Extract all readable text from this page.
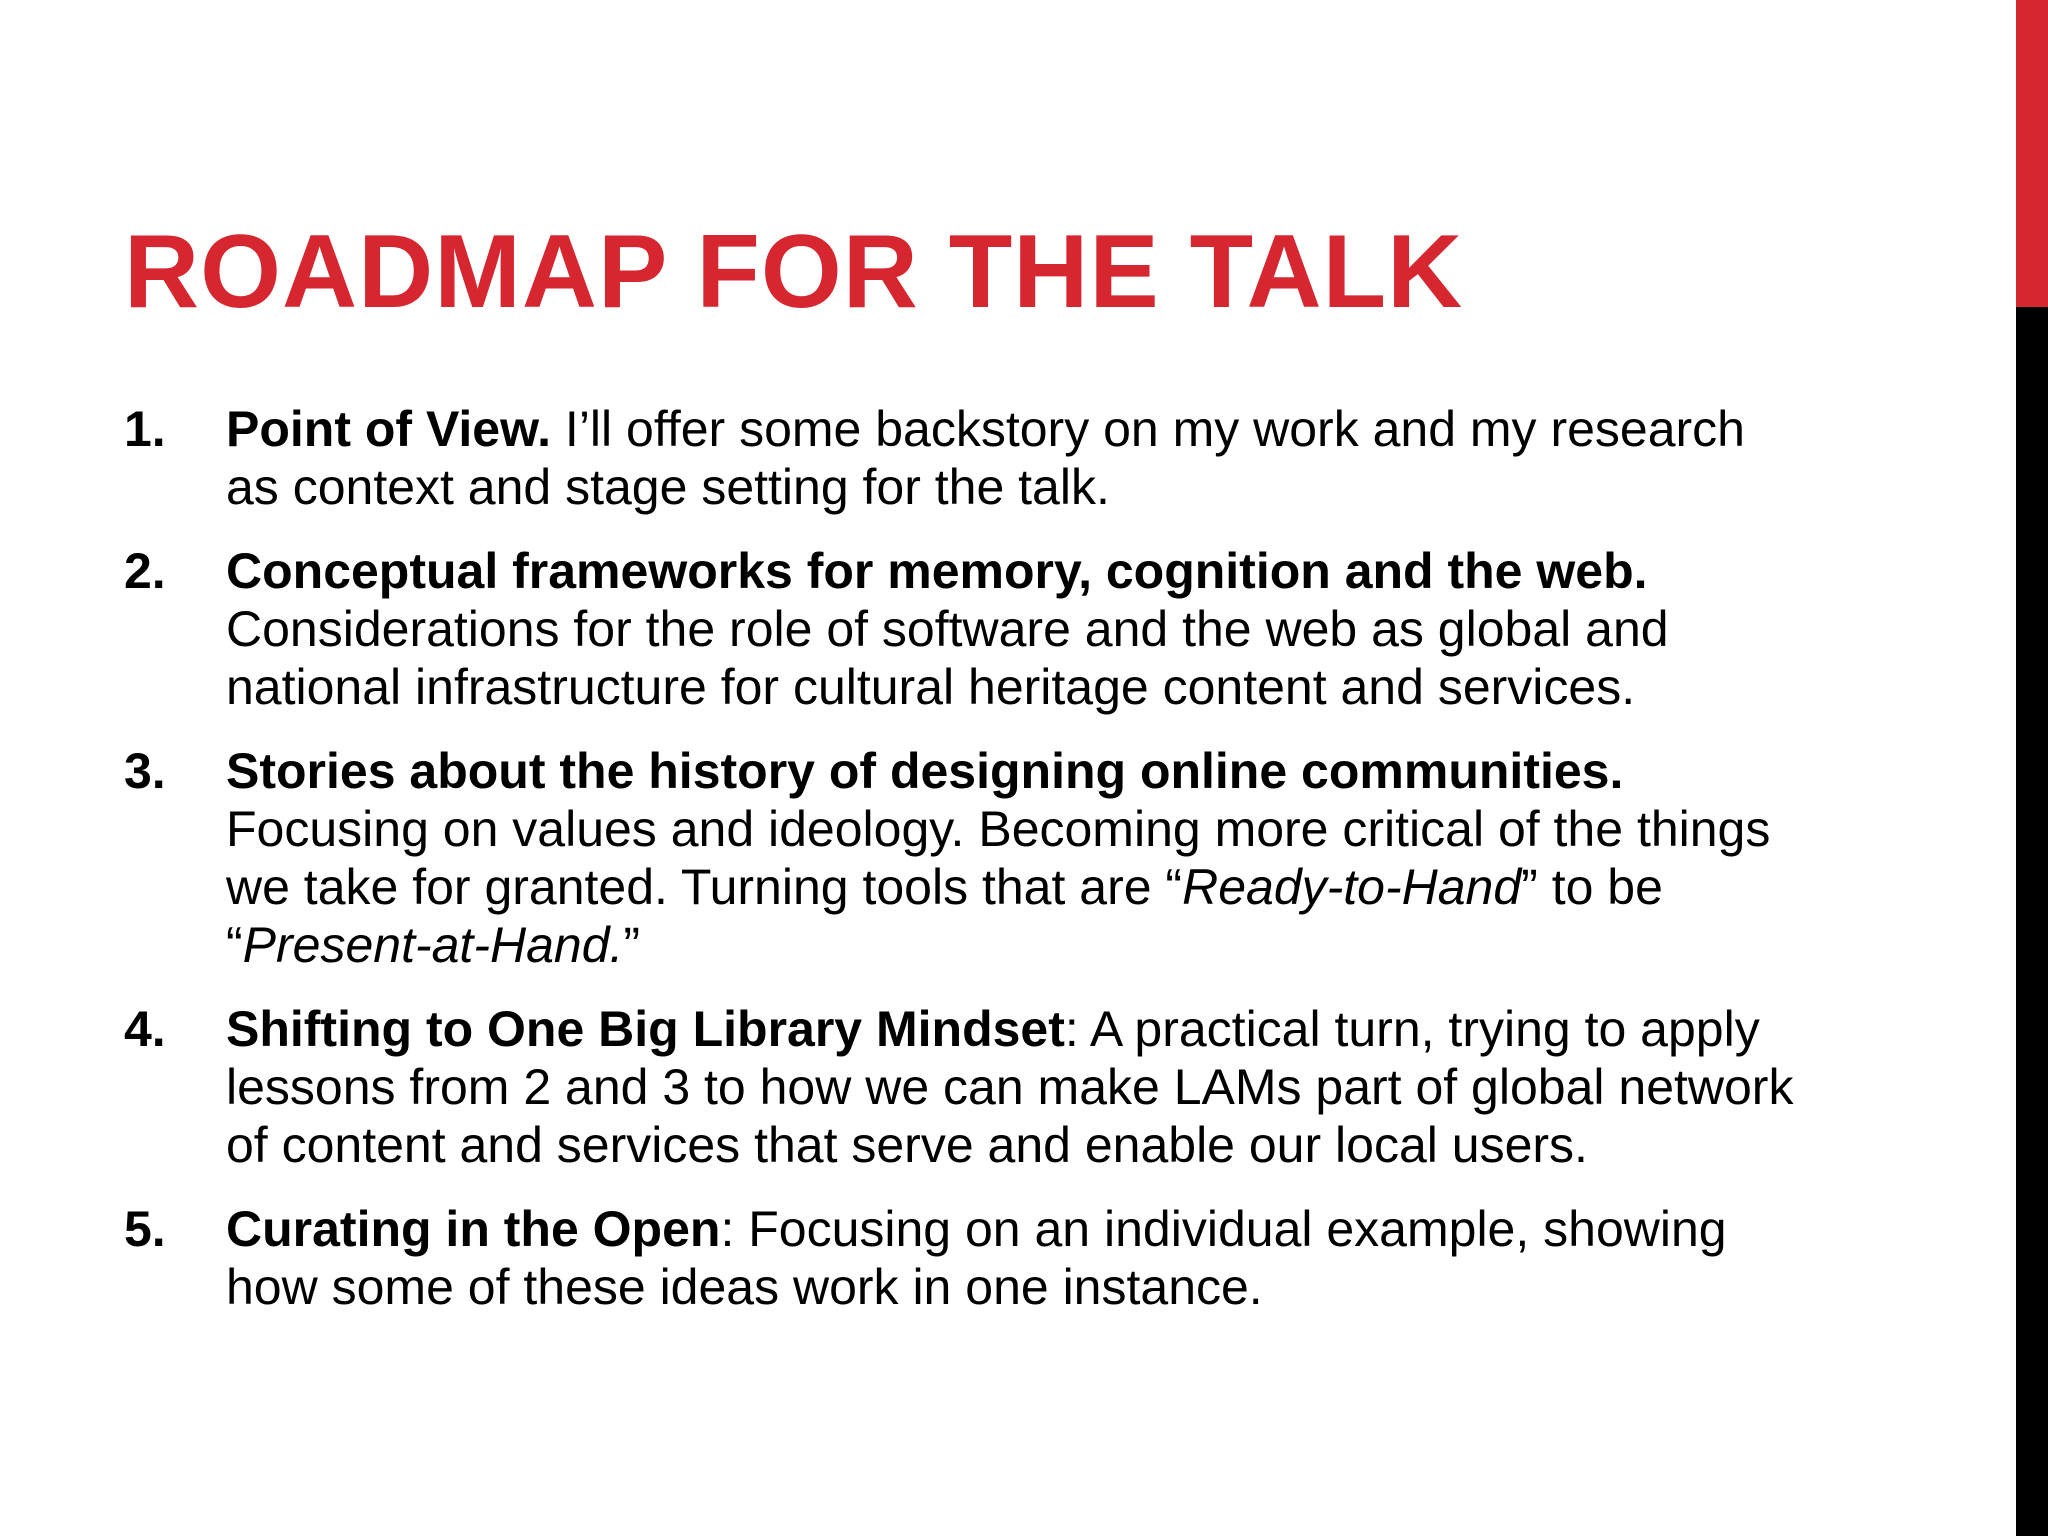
ROADMAP FOR THE TALK
1. Point of View. I’ll offer some backstory on my work and my research as context and stage setting for the talk.
2. Conceptual frameworks for memory, cognition and the web. Considerations for the role of software and the web as global and national infrastructure for cultural heritage content and services.
3. Stories about the history of designing online communities. Focusing on values and ideology. Becoming more critical of the things we take for granted. Turning tools that are “Ready-to-Hand” to be “Present-at-Hand.”
4. Shifting to One Big Library Mindset: A practical turn, trying to apply lessons from 2 and 3 to how we can make LAMs part of global network of content and services that serve and enable our local users.
5. Curating in the Open: Focusing on an individual example, showing how some of these ideas work in one instance.
